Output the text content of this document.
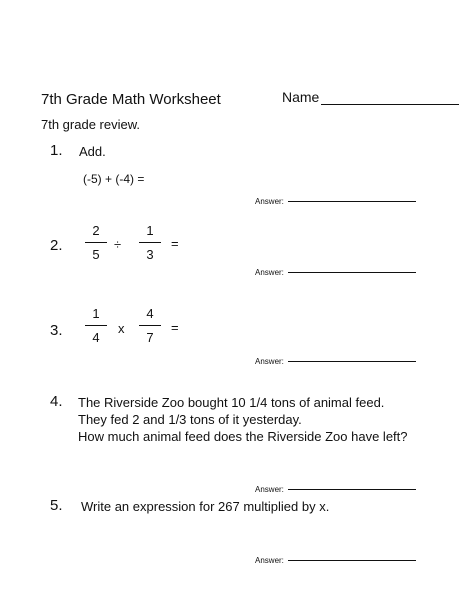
7th Grade Math Worksheet	Name
7th grade review.
1. Add.
(-5) + (-4) =
Answer:
2.
2
5
÷
1
3
=
Answer:
3.
1
4
x
4
7
=
Answer:
4. The Riverside Zoo bought 10 1/4 tons of animal feed.
They fed 2 and 1/3 tons of it yesterday.
How much animal feed does the Riverside Zoo have left?
Answer:
5. Write an expression for 267 multiplied by x.
Answer:
